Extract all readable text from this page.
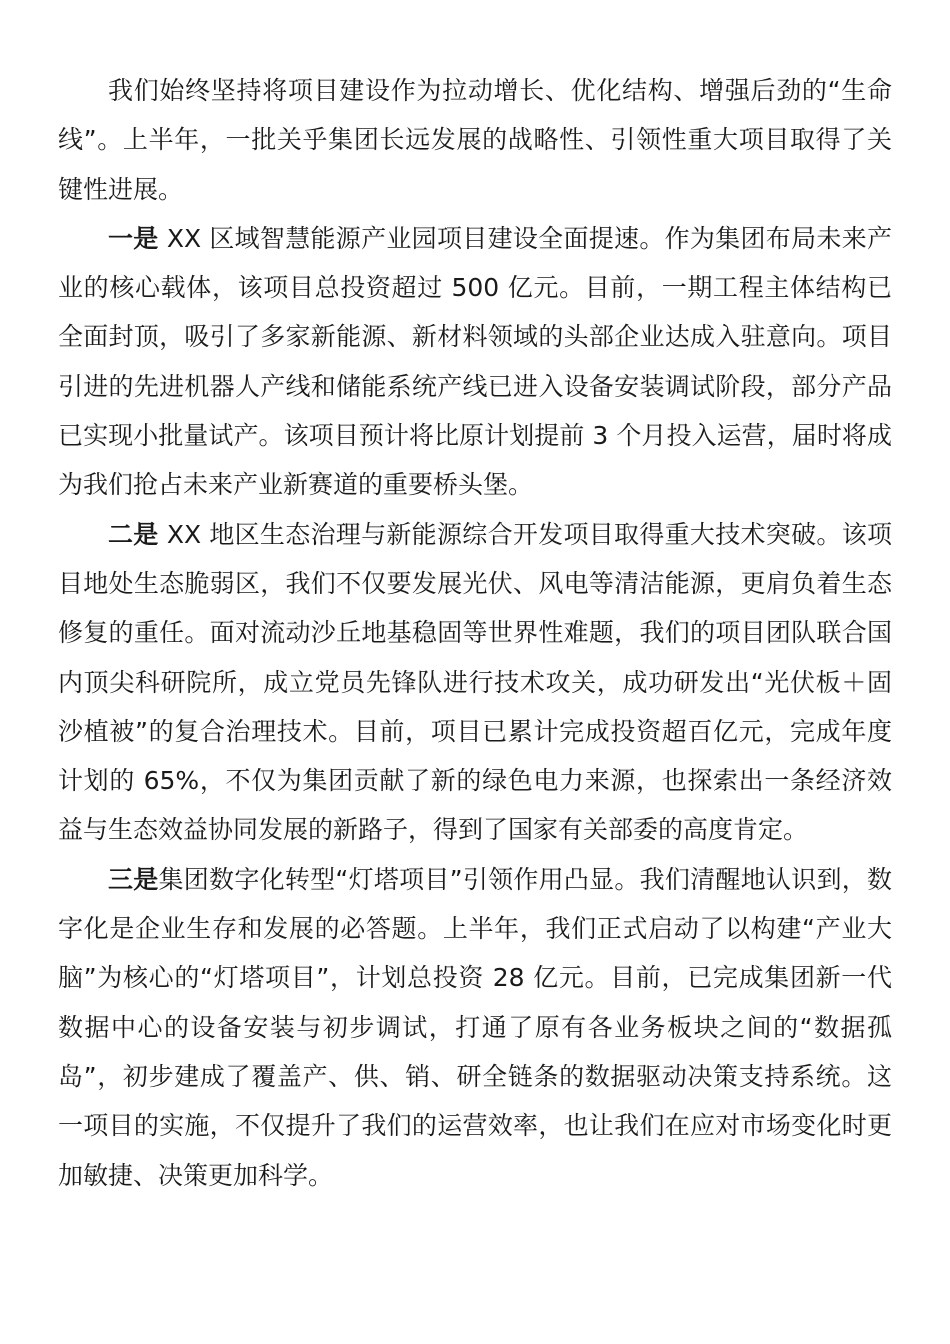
我们始终坚持将项目建设作为拉动增长、优化结构、增强后劲的“生命线”。上半年，一批关乎集团长远发展的战略性、引领性重大项目取得了关键性进展。

一是 XX 区域智慧能源产业园项目建设全面提速。作为集团布局未来产业的核心载体，该项目总投资超过 500 亿元。目前，一期工程主体结构已全面封顶，吸引了多家新能源、新材料领域的头部企业达成入驻意向。项目引进的先进机器人产线和储能系统产线已进入设备安装调试阶段，部分产品已实现小批量试产。该项目预计将比原计划提前 3 个月投入运营，届时将成为我们抢占未来产业新赛道的重要桥头堡。

二是 XX 地区生态治理与新能源综合开发项目取得重大技术突破。该项目地处生态脆弱区，我们不仅要发展光伏、风电等清洁能源，更肩负着生态修复的重任。面对流动沙丘地基稳固等世界性难题，我们的项目团队联合国内顶尖科研院所，成立党员先锋队进行技术攻关，成功研发出“光伏板＋固沙植被”的复合治理技术。目前，项目已累计完成投资超百亿元，完成年度计划的 65%，不仅为集团贡献了新的绿色电力来源，也探索出一条经济效益与生态效益协同发展的新路子，得到了国家有关部委的高度肯定。

三是集团数字化转型“灯塔项目”引领作用凸显。我们清醒地认识到，数字化是企业生存和发展的必答题。上半年，我们正式启动了以构建“产业大脑”为核心的“灯塔项目”，计划总投资 28 亿元。目前，已完成集团新一代数据中心的设备安装与初步调试，打通了原有各业务板块之间的“数据孤岛”，初步建成了覆盖产、供、销、研全链条的数据驱动决策支持系统。这一项目的实施，不仅提升了我们的运营效率，也让我们在应对市场变化时更加敏捷、决策更加科学。
